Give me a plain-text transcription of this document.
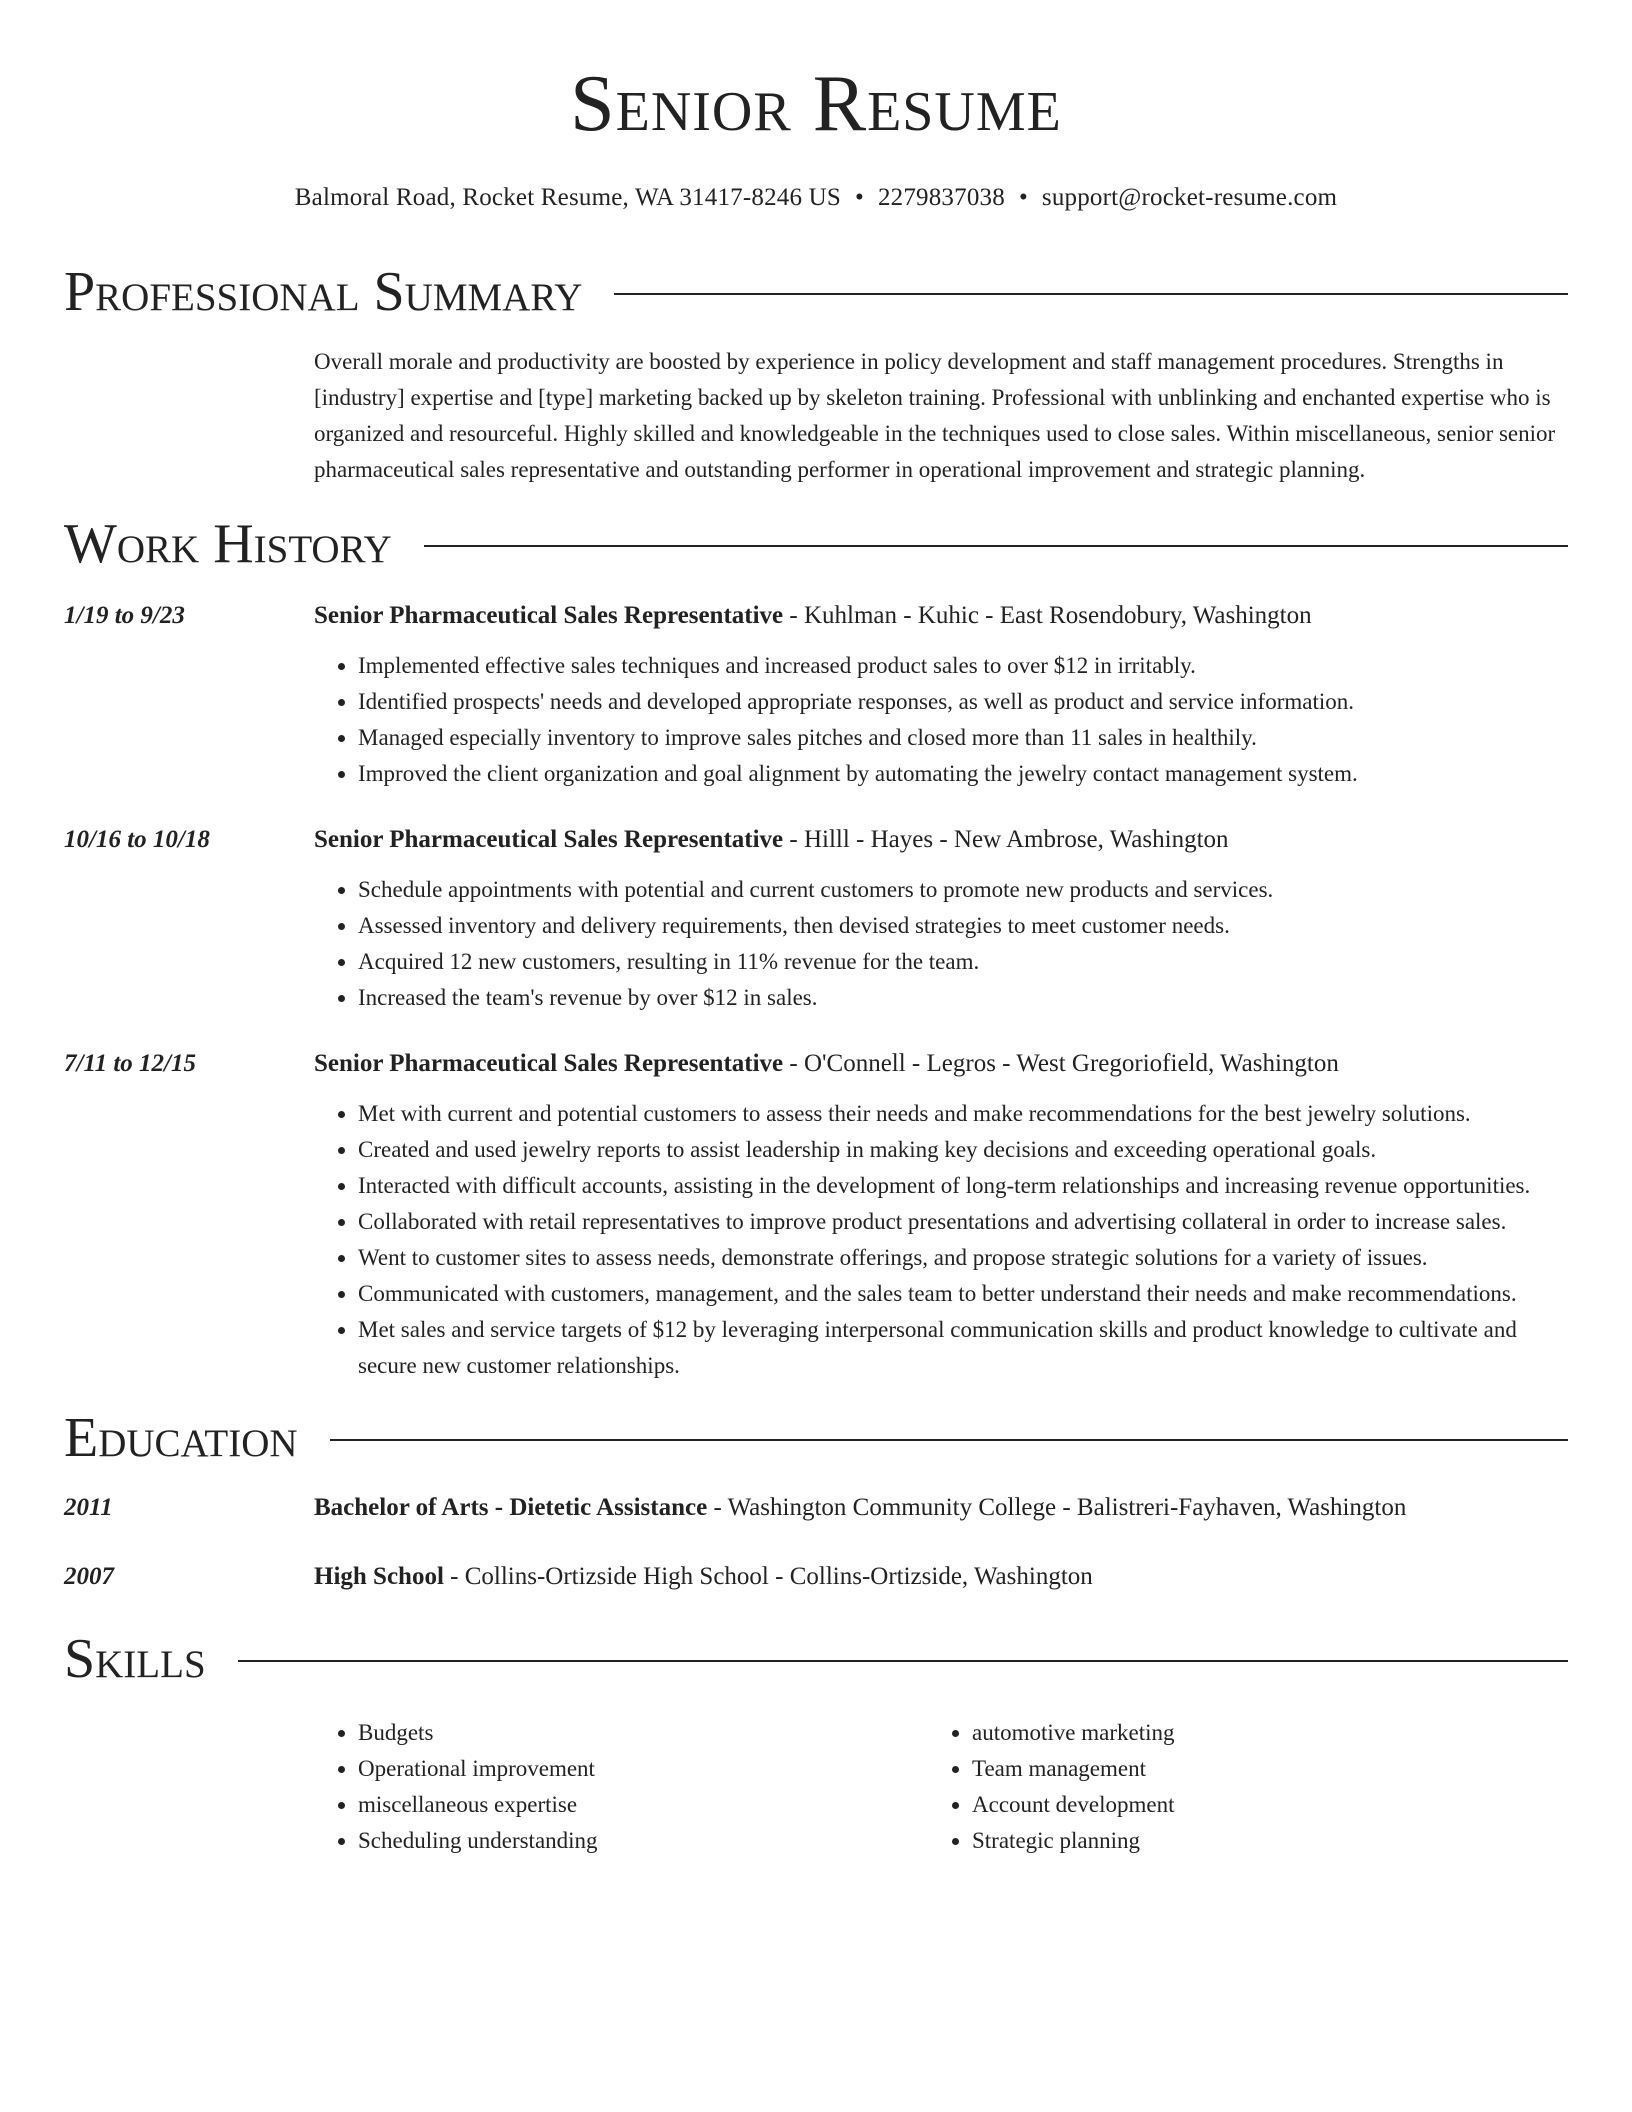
Senior Resume
Balmoral Road, Rocket Resume, WA 31417-8246 US • 2279837038 • support@rocket-resume.com
Professional Summary
Overall morale and productivity are boosted by experience in policy development and staff management procedures. Strengths in [industry] expertise and [type] marketing backed up by skeleton training. Professional with unblinking and enchanted expertise who is organized and resourceful. Highly skilled and knowledgeable in the techniques used to close sales. Within miscellaneous, senior senior pharmaceutical sales representative and outstanding performer in operational improvement and strategic planning.
Work History
1/19 to 9/23	Senior Pharmaceutical Sales Representative - Kuhlman - Kuhic - East Rosendobury, Washington
• Implemented effective sales techniques and increased product sales to over $12 in irritably.
• Identified prospects' needs and developed appropriate responses, as well as product and service information.
• Managed especially inventory to improve sales pitches and closed more than 11 sales in healthily.
• Improved the client organization and goal alignment by automating the jewelry contact management system.
10/16 to 10/18	Senior Pharmaceutical Sales Representative - Hilll - Hayes - New Ambrose, Washington
• Schedule appointments with potential and current customers to promote new products and services.
• Assessed inventory and delivery requirements, then devised strategies to meet customer needs.
• Acquired 12 new customers, resulting in 11% revenue for the team.
• Increased the team's revenue by over $12 in sales.
7/11 to 12/15	Senior Pharmaceutical Sales Representative - O'Connell - Legros - West Gregoriofield, Washington
• Met with current and potential customers to assess their needs and make recommendations for the best jewelry solutions.
• Created and used jewelry reports to assist leadership in making key decisions and exceeding operational goals.
• Interacted with difficult accounts, assisting in the development of long-term relationships and increasing revenue opportunities.
• Collaborated with retail representatives to improve product presentations and advertising collateral in order to increase sales.
• Went to customer sites to assess needs, demonstrate offerings, and propose strategic solutions for a variety of issues.
• Communicated with customers, management, and the sales team to better understand their needs and make recommendations.
• Met sales and service targets of $12 by leveraging interpersonal communication skills and product knowledge to cultivate and secure new customer relationships.
Education
2011	Bachelor of Arts - Dietetic Assistance - Washington Community College - Balistreri-Fayhaven, Washington
2007	High School - Collins-Ortizside High School - Collins-Ortizside, Washington
Skills
• Budgets
• Operational improvement
• miscellaneous expertise
• Scheduling understanding
• automotive marketing
• Team management
• Account development
• Strategic planning
